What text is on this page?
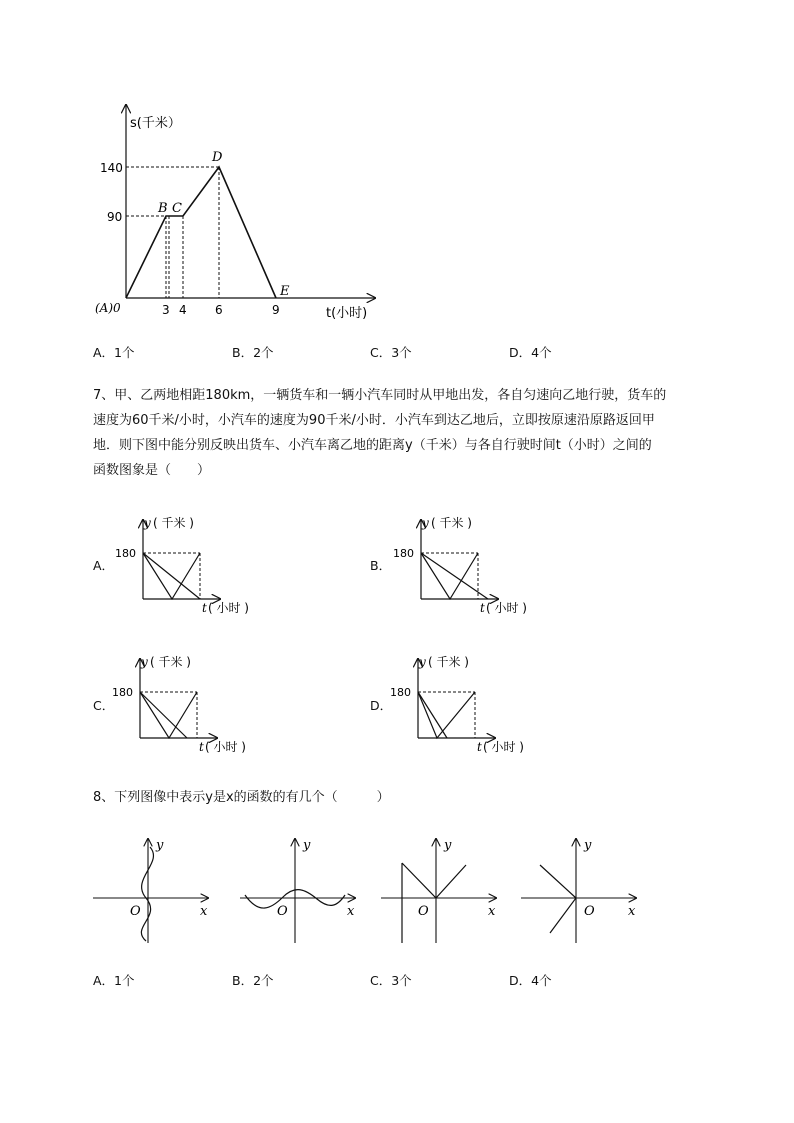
s(千米）
t(小时)
140
90
3 4 6	9
(A)0
B C
D
E
A．1个	B．2个	C．3个	D．4个
7、甲、乙两地相距180km，一辆货车和一辆小汽车同时从甲地出发，各自匀速向乙地行驶，货车的
速度为60千米/小时，小汽车的速度为90千米/小时．小汽车到达乙地后，立即按原速沿原路返回甲
地．则下图中能分别反映出货车、小汽车离乙地的距离y（千米）与各自行驶时间t（小时）之间的
函数图象是（　　）
A．	B．
C．	D．
180
y ( 千米 )
t ( 小时 )
180
y ( 千米 )
t ( 小时 )
180
y ( 千米 )
t ( 小时 )
180
y ( 千米 )
t ( 小时 )
8、下列图像中表示y是x的函数的有几个（　　　）
y
x
O
y
x
O
y
x
O
y
x
O
A．1个	B．2个	C．3个	D．4个
